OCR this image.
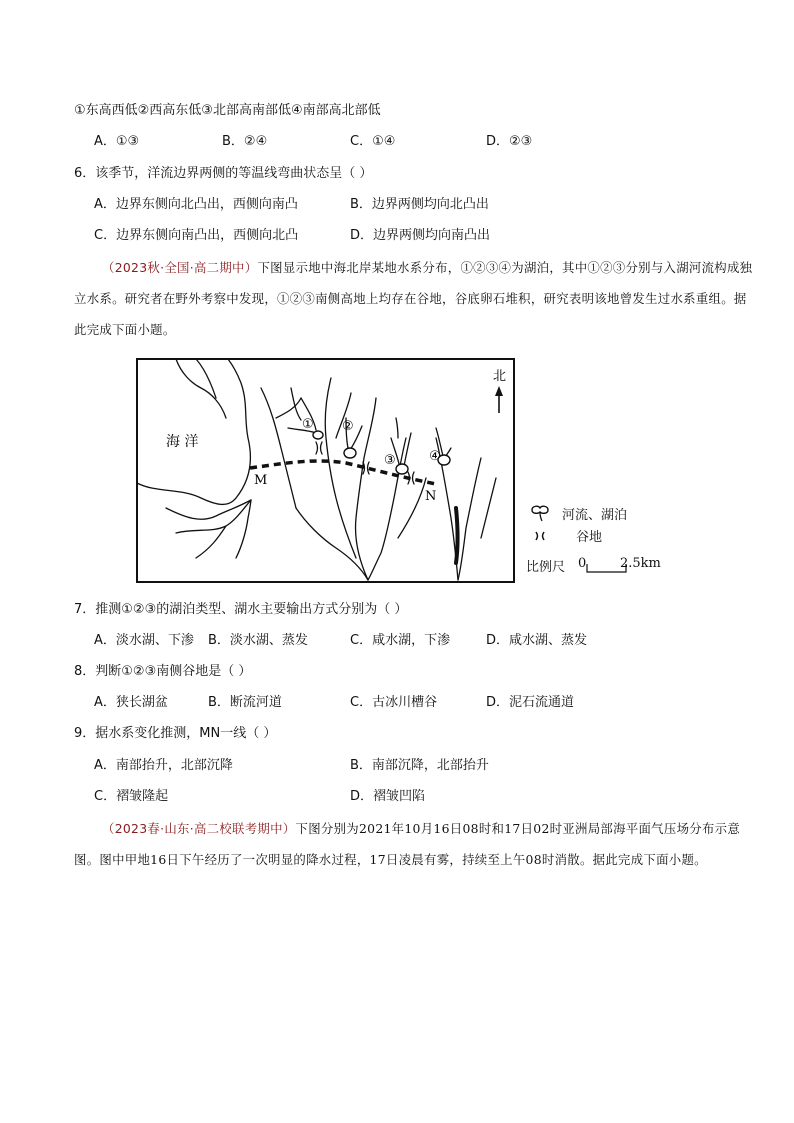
①东高西低②西高东低③北部高南部低④南部高北部低
A．①③	B．②④	C．①④	D．②③
6．该季节，洋流边界两侧的等温线弯曲状态呈（ ）
A．边界东侧向北凸出，西侧向南凸	B．边界两侧均向北凸出
C．边界东侧向南凸出，西侧向北凸	D．边界两侧均向南凸出
（2023秋·全国·高二期中）下图显示地中海北岸某地水系分布，①②③④为湖泊，其中①②③分别与入湖河流构成独立水系。研究者在野外考察中发现，①②③南侧高地上均存在谷地，谷底卵石堆积，研究表明该地曾发生过水系重组。据此完成下面小题。
北
海 洋
M
N
① ②
③	④
河流、湖泊
谷地
比例尺 0	2.5km
7．推测①②③的湖泊类型、湖水主要输出方式分别为（ ）
A．淡水湖、下渗 B．淡水湖、蒸发	C．咸水湖，下渗	D．咸水湖、蒸发
8．判断①②③南侧谷地是（ ）
A．狭长湖盆	B．断流河道	C．古冰川槽谷	D．泥石流通道
9．据水系变化推测，MN一线（ ）
A．南部抬升，北部沉降	B．南部沉降，北部抬升
C．褶皱隆起	D．褶皱凹陷
（2023春·山东·高二校联考期中）下图分别为2021年10月16日08时和17日02时亚洲局部海平面气压场分布示意图。图中甲地16日下午经历了一次明显的降水过程，17日凌晨有雾，持续至上午08时消散。据此完成下面小题。
